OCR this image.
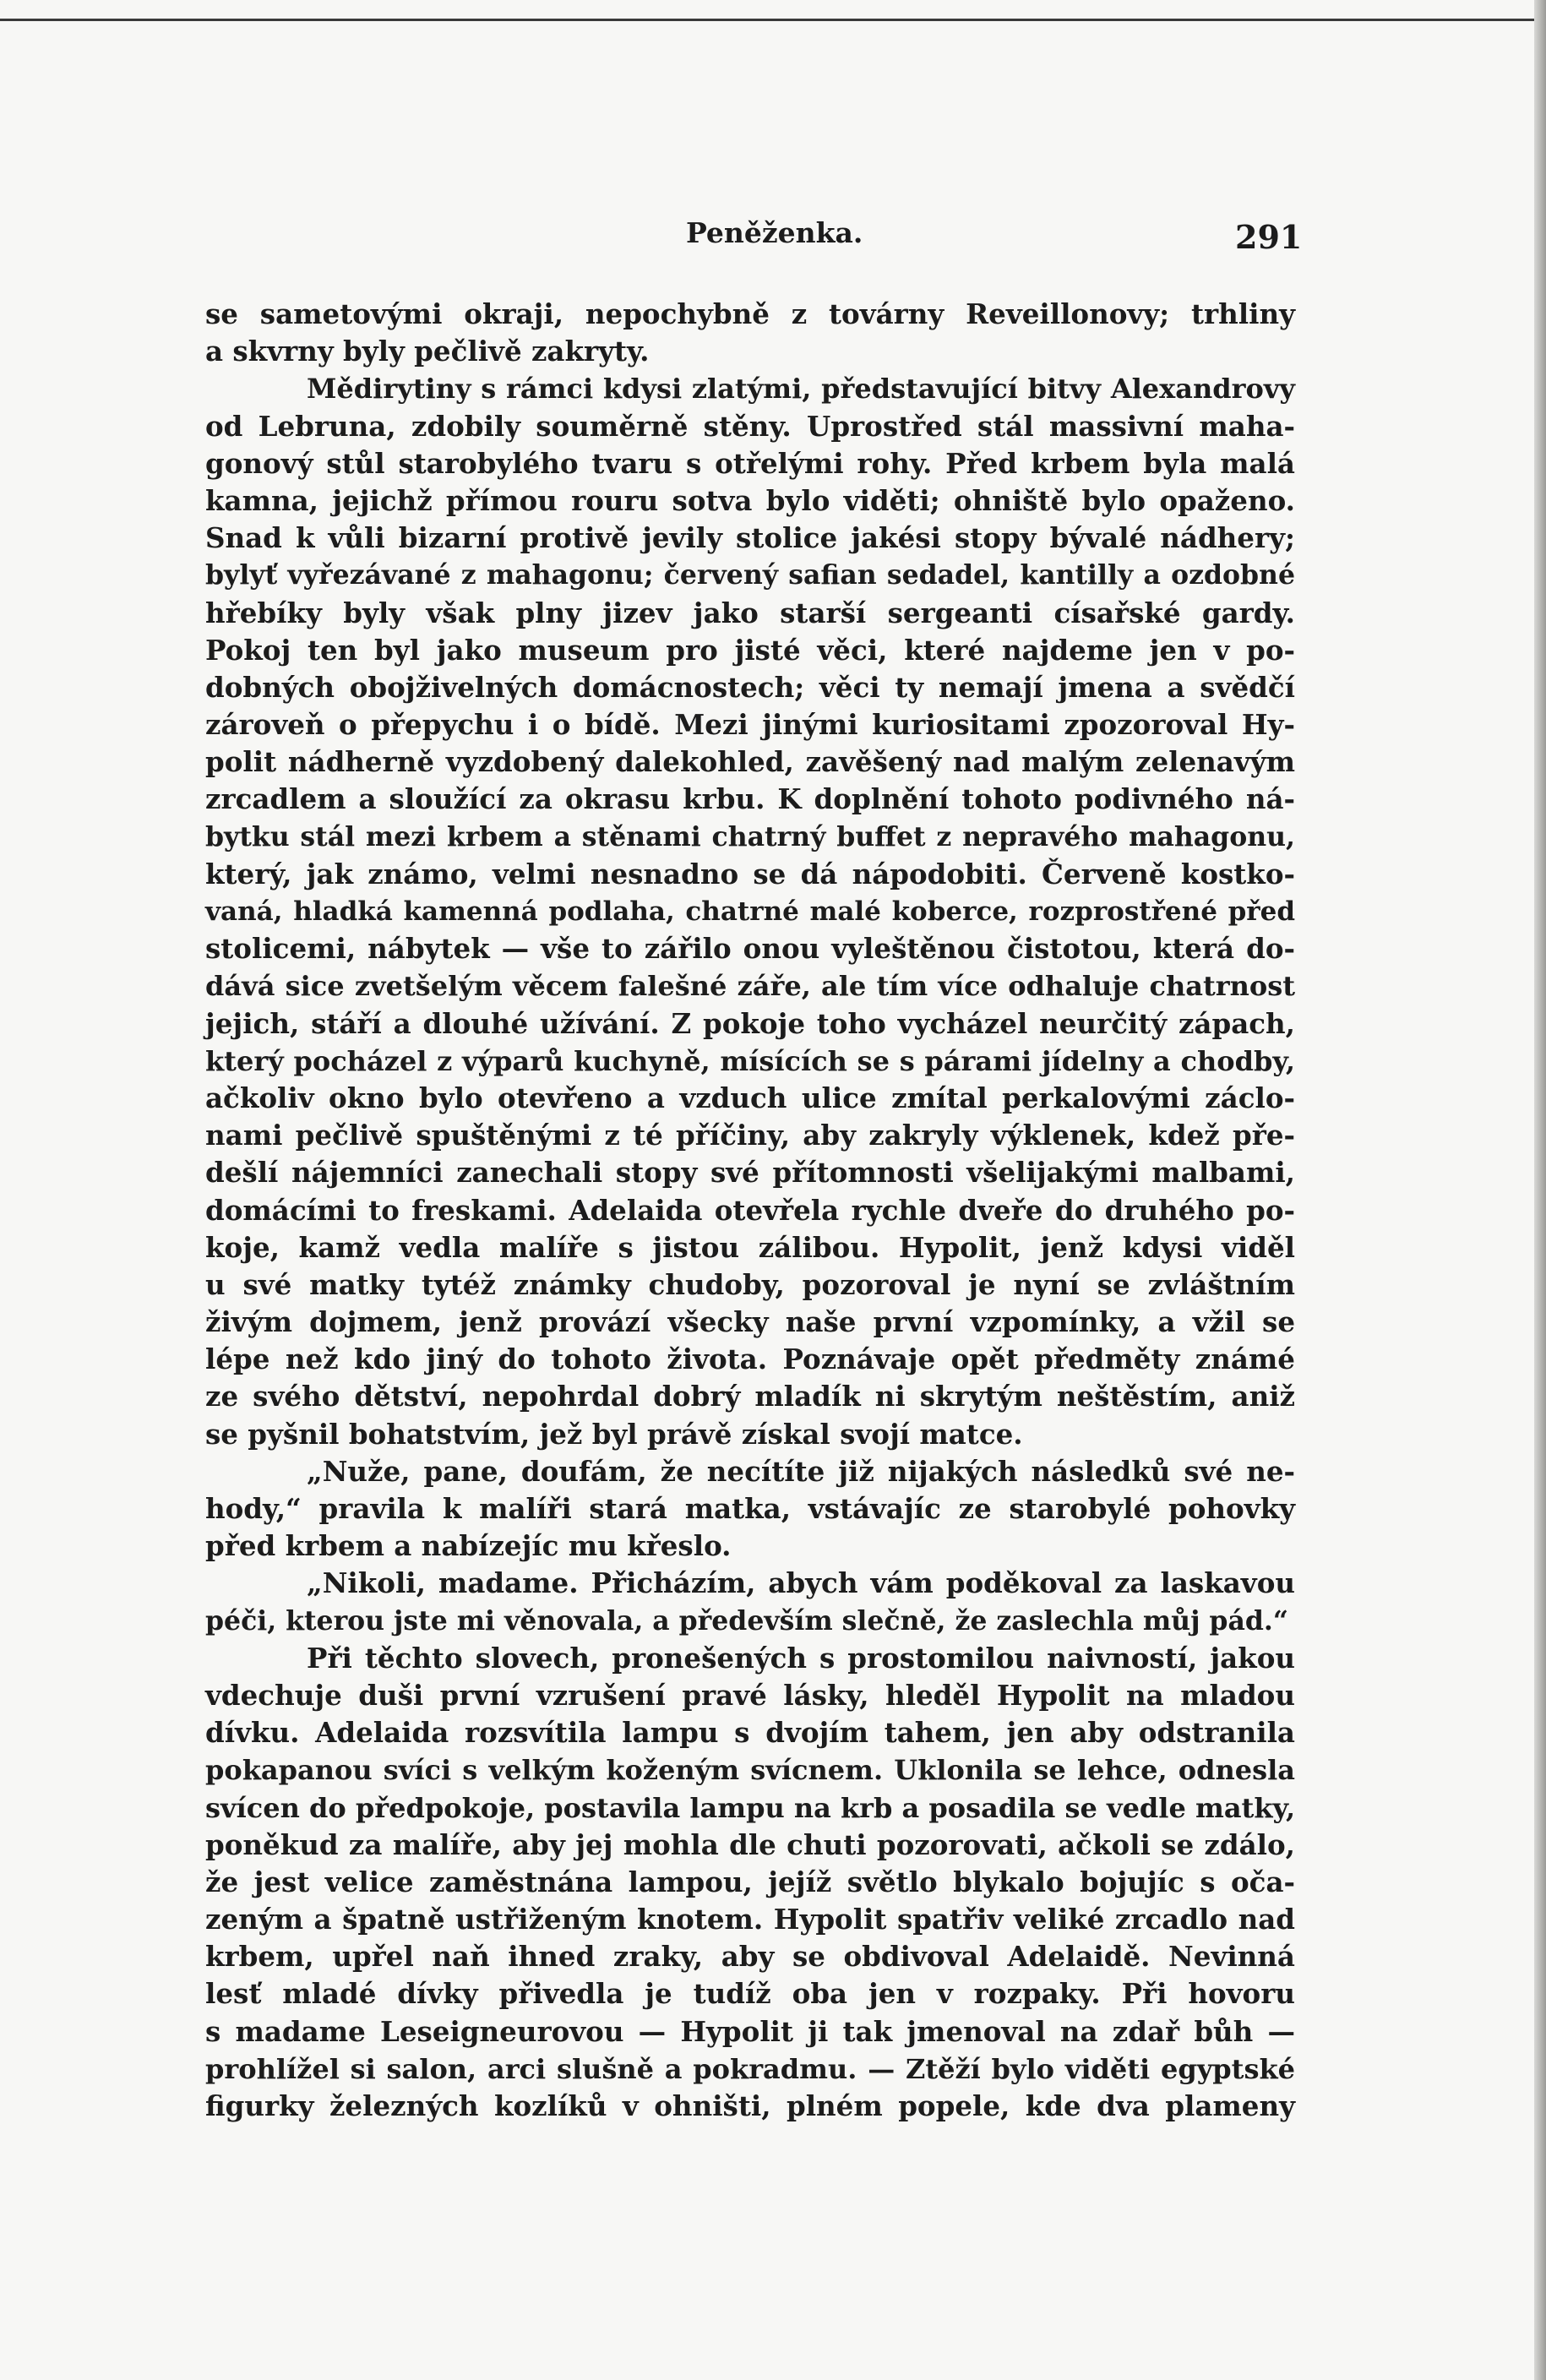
Peněženka.	291
se sametovými okraji, nepochybně z továrny Reveillonovy; trhliny
a skvrny byly pečlivě zakryty.
Mědirytiny s rámci kdysi zlatými, představující bitvy Alexandrovy
od Lebruna, zdobily souměrně stěny. Uprostřed stál massivní maha-
gonový stůl starobylého tvaru s otřelými rohy. Před krbem byla malá
kamna, jejichž přímou rouru sotva bylo viděti; ohniště bylo opaženo.
Snad k vůli bizarní protivě jevily stolice jakési stopy bývalé nádhery;
bylyť vyřezávané z mahagonu; červený safian sedadel, kantilly a ozdobné
hřebíky byly však plny jizev jako starší sergeanti císařské gardy.
Pokoj ten byl jako museum pro jisté věci, které najdeme jen v po-
dobných obojživelných domácnostech; věci ty nemají jmena a svědčí
zároveň o přepychu i o bídě. Mezi jinými kuriositami zpozoroval Hy-
polit nádherně vyzdobený dalekohled, zavěšený nad malým zelenavým
zrcadlem a sloužící za okrasu krbu. K doplnění tohoto podivného ná-
bytku stál mezi krbem a stěnami chatrný buffet z nepravého mahagonu,
který, jak známo, velmi nesnadno se dá nápodobiti. Červeně kostko-
vaná, hladká kamenná podlaha, chatrné malé koberce, rozprostřené před
stolicemi, nábytek — vše to zářilo onou vyleštěnou čistotou, která do-
dává sice zvetšelým věcem falešné záře, ale tím více odhaluje chatrnost
jejich, stáří a dlouhé užívání. Z pokoje toho vycházel neurčitý zápach,
který pocházel z výparů kuchyně, mísících se s párami jídelny a chodby,
ačkoliv okno bylo otevřeno a vzduch ulice zmítal perkalovými záclo-
nami pečlivě spuštěnými z té příčiny, aby zakryly výklenek, kdež pře-
dešlí nájemníci zanechali stopy své přítomnosti všelijakými malbami,
domácími to freskami. Adelaida otevřela rychle dveře do druhého po-
koje, kamž vedla malíře s jistou zálibou. Hypolit, jenž kdysi viděl
u své matky tytéž známky chudoby, pozoroval je nyní se zvláštním
živým dojmem, jenž provází všecky naše první vzpomínky, a vžil se
lépe než kdo jiný do tohoto života. Poznávaje opět předměty známé
ze svého dětství, nepohrdal dobrý mladík ni skrytým neštěstím, aniž
se pyšnil bohatstvím, jež byl právě získal svojí matce.
„Nuže, pane, doufám, že necítíte již nijakých následků své ne-
hody,“ pravila k malíři stará matka, vstávajíc ze starobylé pohovky
před krbem a nabízejíc mu křeslo.
„Nikoli, madame. Přicházím, abych vám poděkoval za laskavou
péči, kterou jste mi věnovala, a především slečně, že zaslechla můj pád.“
Při těchto slovech, pronešených s prostomilou naivností, jakou
vdechuje duši první vzrušení pravé lásky, hleděl Hypolit na mladou
dívku. Adelaida rozsvítila lampu s dvojím tahem, jen aby odstranila
pokapanou svíci s velkým koženým svícnem. Uklonila se lehce, odnesla
svícen do předpokoje, postavila lampu na krb a posadila se vedle matky,
poněkud za malíře, aby jej mohla dle chuti pozorovati, ačkoli se zdálo,
že jest velice zaměstnána lampou, jejíž světlo blykalo bojujíc s oča-
zeným a špatně ustřiženým knotem. Hypolit spatřiv veliké zrcadlo nad
krbem, upřel naň ihned zraky, aby se obdivoval Adelaidě. Nevinná
lesť mladé dívky přivedla je tudíž oba jen v rozpaky. Při hovoru
s madame Leseigneurovou — Hypolit ji tak jmenoval na zdař bůh —
prohlížel si salon, arci slušně a pokradmu. — Ztěží bylo viděti egyptské
figurky železných kozlíků v ohništi, plném popele, kde dva plameny
